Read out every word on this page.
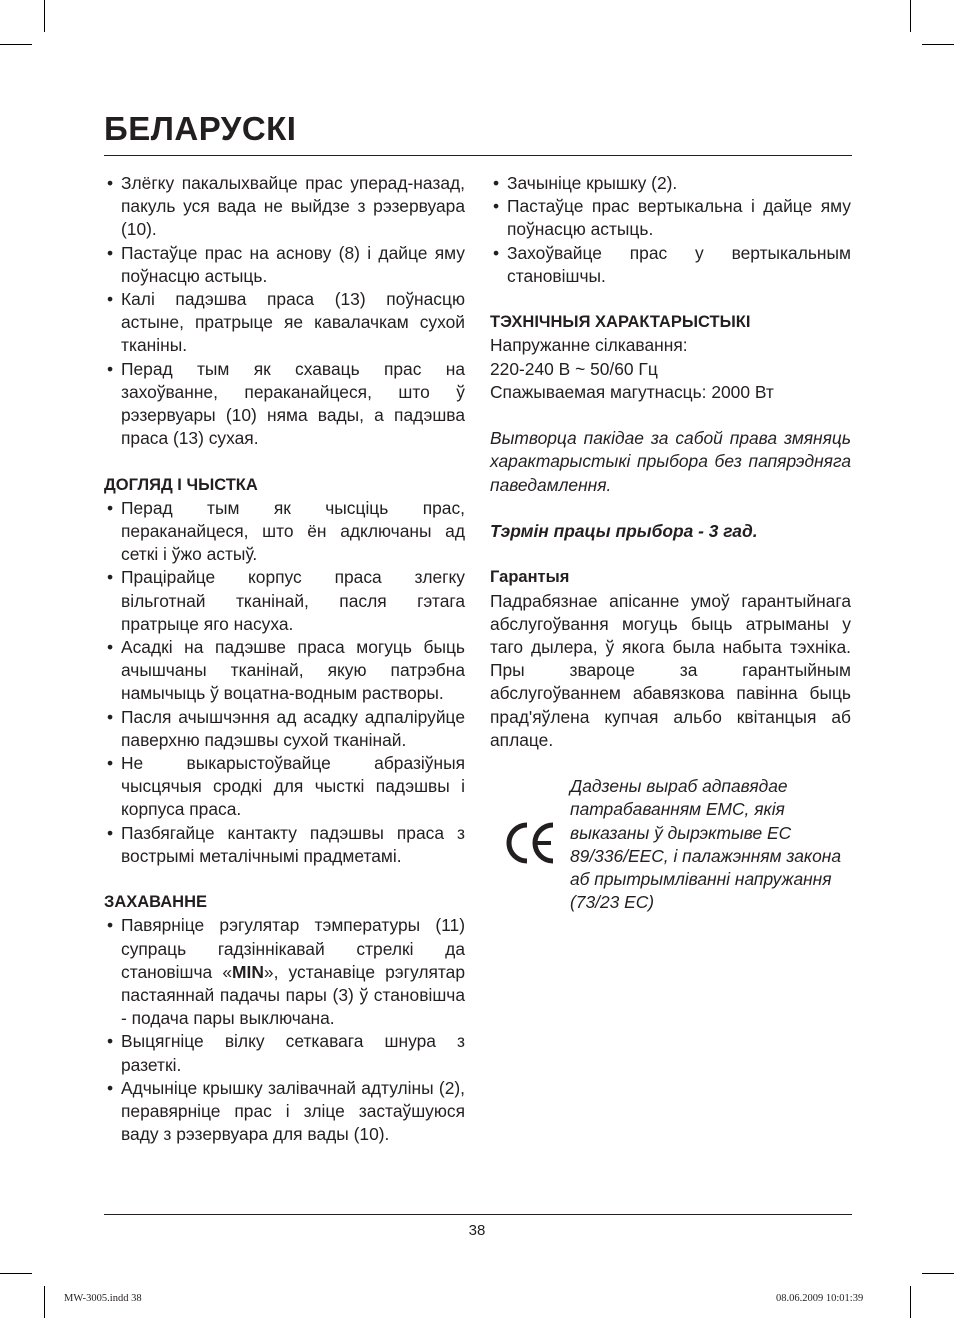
БЕЛАРУСКІ
• Злёгку пакалыхвайце прас уперад-назад, пакуль уся вада не выйдзе з рэзервуара (10).
• Пастаўце прас на аснову (8) і дайце яму поўнасцю астыць.
• Калі падэшва праса (13) поўнасцю астыне, пратрыце яе кавалачкам сухой тканіны.
• Перад тым як схаваць прас на захоўванне, пераканайцеся, што ў рэзервуары (10) няма вады, а падэшва праса (13) сухая.
ДОГЛЯД І ЧЫСТКА
• Перад тым як чысціць прас, пераканайцеся, што ён адключаны ад сеткі і ўжо астыў.
• Працірайце корпус праса злегку вільготнай тканінай, пасля гэтага пратрыце яго насуха.
• Асадкі на падэшве праса могуць быць ачышчаны тканінай, якую патрэбна намычыць ў воцатна-водным растворы.
• Пасля ачышчэння ад асадку адпаліруйце паверхню падэшвы сухой тканінай.
• Не выкарыстоўвайце абразіўныя чысцячыя сродкі для чысткі падэшвы і корпуса праса.
• Пазбягайце кантакту падэшвы праса з вострымі металічнымі прадметамі.
ЗАХАВАННЕ
• Павярніце рэгулятар тэмпературы (11) супраць гадзіннікавай стрелкі да становішча «MIN», устанавіце рэгулятар пастаяннай падачы пары (3) ў становішча - подача пары выключана.
• Выцягніце вілку сеткавага шнура з разеткі.
• Адчыніце крышку залівачнай адтуліны (2), перавярніце прас і зліце застаўшуюся ваду з рэзервуара для вады (10).
• Зачыніце крышку (2).
• Пастаўце прас вертыкальна і дайце яму поўнасцю астыць.
• Захоўвайце прас у вертыкальным становішчы.
ТЭХНІЧНЫЯ ХАРАКТАРЫСТЫКІ

Напружанне сілкавання:

220-240 В ~ 50/60 Гц

Спажываемая магутнасць: 2000 Вт

Вытворца пакідае за сабой права змяняць характарыстыкі прыбора без папярэдняга паведамлення.

Тэрмін працы прыбора - 3 гад.

Гарантыя

Падрабязнае апісанне умоў гарантыйнага абслугоўвання могуць быць атрыманы у таго дылера, ў якога была набыта тэхніка. Пры звароце за гарантыйным абслугоўваннем абавязкова павінна быць прад'яўлена купчая альбо квітанцыя аб аплаце.

Дадзены выраб адпавядае патрабаванням ЕМС, якія выказаны ў дырэктыве ЕС 89/336/ЕЕС, і палажэнням закона аб прытрымліванні напружання (73/23 ЕС)
38
MW-3005.indd 38	08.06.2009 10:01:39
